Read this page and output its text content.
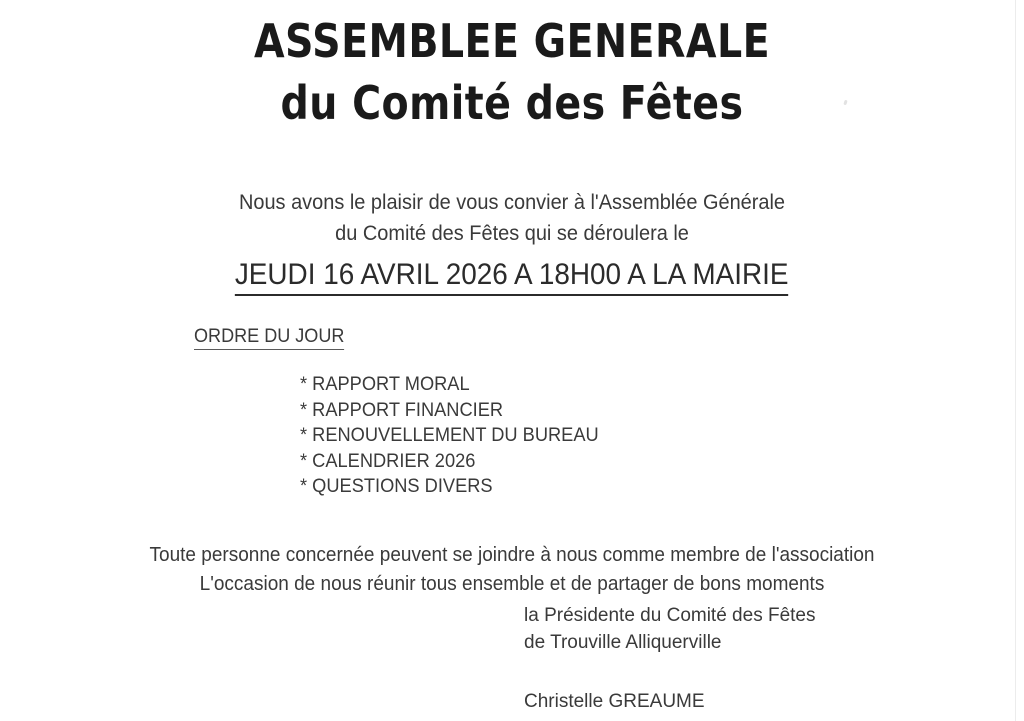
ASSEMBLEE GENERALE
du Comité des Fêtes

Nous avons le plaisir de vous convier à l'Assemblée Générale
du Comité des Fêtes qui se déroulera le

JEUDI 16 AVRIL 2026 A 18H00 A LA MAIRIE
ORDRE DU JOUR
* RAPPORT MORAL
* RAPPORT FINANCIER
* RENOUVELLEMENT DU BUREAU
* CALENDRIER 2026
* QUESTIONS DIVERS

Toute personne concernée peuvent se joindre à nous comme membre de l'association
L'occasion de nous réunir tous ensemble et de partager de bons moments

la Présidente du Comité des Fêtes
de Trouville Alliquerville
Christelle GREAUME
